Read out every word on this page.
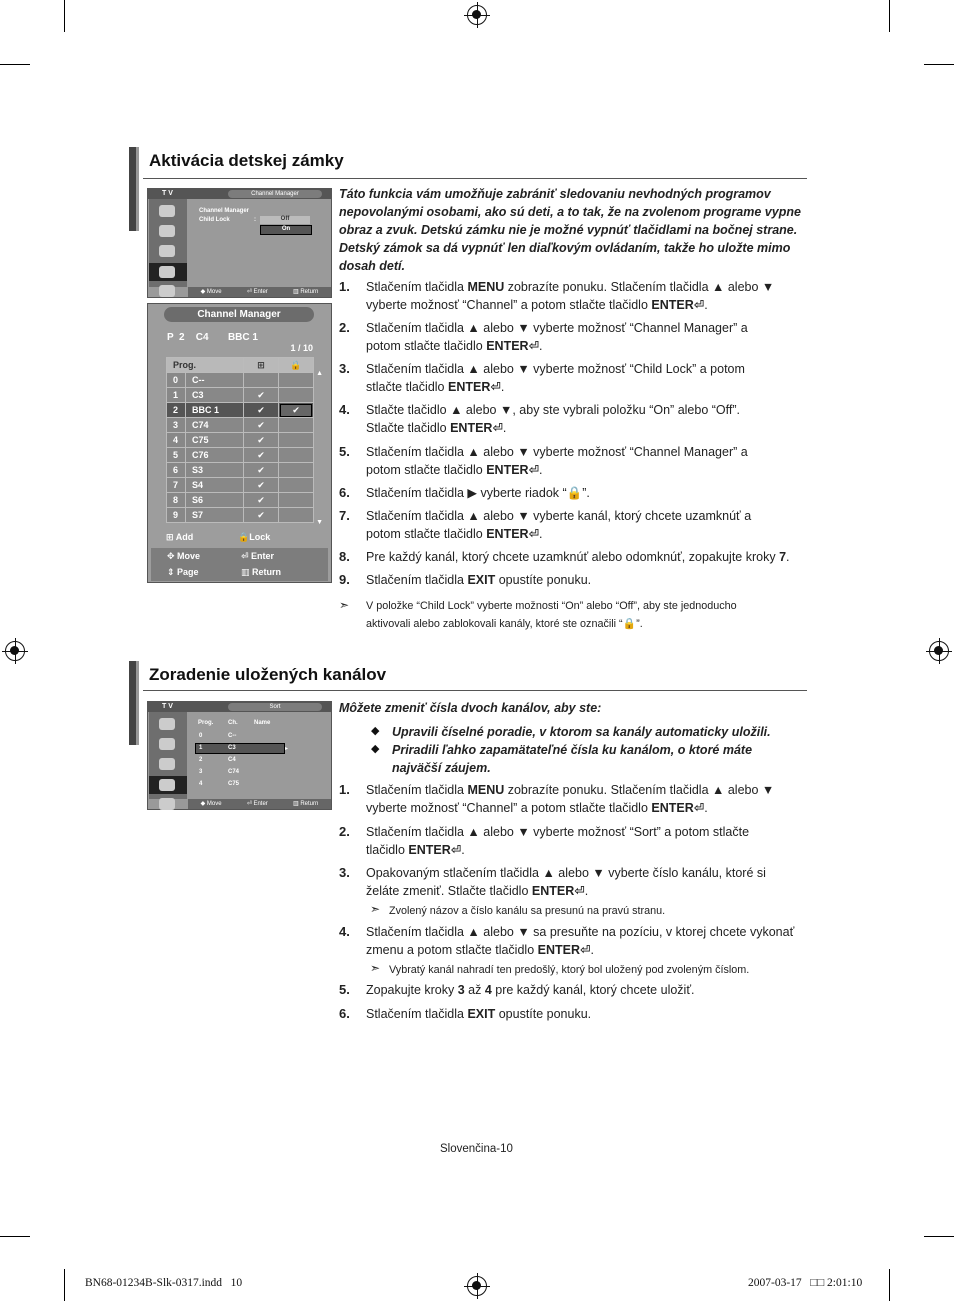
Aktivácia detskej zámky
T V	Channel Manager
Channel Manager
Child Lock	:	Off
On
◆ Move	⏎ Enter	▥ Return
Channel Manager
P  2    C4       BBC 1
1 / 10
▲
▼
Prog.		⊞	🔒
0	C--		
1	C3	✔	
2	BBC 1	✔	✔
3	C74	✔	
4	C75	✔	
5	C76	✔	
6	S3	✔	
7	S4	✔	
8	S6	✔	
9	S7	✔	
⊞ Add	🔒Lock
✥ Move	⏎ Enter
⇕ Page	▥ Return
Táto funkcia vám umožňuje zabrániť sledovaniu nevhodných programov nepovolanými osobami, ako sú deti, a to tak, že na zvolenom programe vypne obraz a zvuk. Detskú zámku nie je možné vypnúť tlačidlami na bočnej strane. Detský zámok sa dá vypnúť len diaľkovým ovládaním, takže ho uložte mimo dosah detí.
1. Stlačením tlačidla MENU zobrazíte ponuku. Stlačením tlačidla ▲ alebo ▼
vyberte možnosť “Channel” a potom stlačte tlačidlo ENTER⏎.
2. Stlačením tlačidla ▲ alebo ▼ vyberte možnosť “Channel Manager” a
potom stlačte tlačidlo ENTER⏎.
3. Stlačením tlačidla ▲ alebo ▼ vyberte možnosť “Child Lock” a potom
stlačte tlačidlo ENTER⏎.
4. Stlačte tlačidlo ▲ alebo ▼, aby ste vybrali položku “On” alebo “Off”.
Stlačte tlačidlo ENTER⏎.
5. Stlačením tlačidla ▲ alebo ▼ vyberte možnosť “Channel Manager” a
potom stlačte tlačidlo ENTER⏎.
6. Stlačením tlačidla ▶ vyberte riadok “🔒”.
7. Stlačením tlačidla ▲ alebo ▼ vyberte kanál, ktorý chcete uzamknúť a
potom stlačte tlačidlo ENTER⏎.
8. Pre každý kanál, ktorý chcete uzamknúť alebo odomknúť, zopakujte kroky 7.
9. Stlačením tlačidla EXIT opustíte ponuku.
➣ V položke “Child Lock” vyberte možnosti “On” alebo “Off”, aby ste jednoducho
aktivovali alebo zablokovali kanály, ktoré ste označili “🔒”.
Zoradenie uložených kanálov
T V	Sort
Prog. Ch.	Name
0	C--
1	C3	▸
2	C4
3	C74
4	C75
◆ Move	⏎ Enter	▥ Return
Môžete zmeniť čísla dvoch kanálov, aby ste:
◆ Upravili číselné poradie, v ktorom sa kanály automaticky uložili.
◆ Priradili ľahko zapamätateľné čísla ku kanálom, o ktoré máte
najväčší záujem.
1. Stlačením tlačidla MENU zobrazíte ponuku. Stlačením tlačidla ▲ alebo ▼
vyberte možnosť “Channel” a potom stlačte tlačidlo ENTER⏎.
2. Stlačením tlačidla ▲ alebo ▼ vyberte možnosť “Sort” a potom stlačte
tlačidlo ENTER⏎.
3. Opakovaným stlačením tlačidla ▲ alebo ▼ vyberte číslo kanálu, ktoré si
želáte zmeniť. Stlačte tlačidlo ENTER⏎.
4. Stlačením tlačidla ▲ alebo ▼ sa presuňte na pozíciu, v ktorej chcete vykonať
zmenu a potom stlačte tlačidlo ENTER⏎.
5. Zopakujte kroky 3 až 4 pre každý kanál, ktorý chcete uložiť.
6. Stlačením tlačidla EXIT opustíte ponuku.
➣ Zvolený názov a číslo kanálu sa presunú na pravú stranu.
➣ Vybratý kanál nahradí ten predošlý, ktorý bol uložený pod zvoleným číslom.
Slovenčina-10
BN68-01234B-Slk-0317.indd   10	2007-03-17   □□ 2:01:10
